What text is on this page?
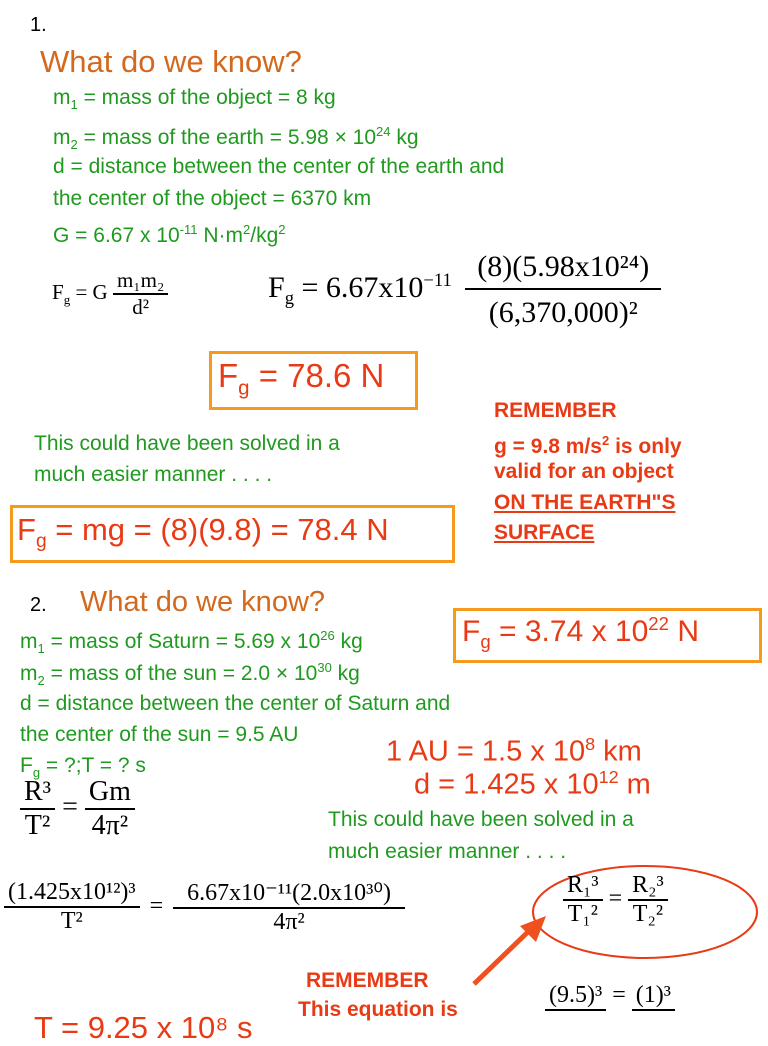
1.
What do we know?
$m_1$ = mass of the object = 8 kg
$m_2$ = mass of the earth = $5.98 \times 10^{24}$ kg
d = distance between the center of the earth and
the center of the object = 6370 km
G = 6.67 x $10^{-11}$ $N\cdot m^2/kg^2$
$F_g = G \frac{\text{m₁m₂}}{\text{d²}}$	$F_g = 6.67x10^{-11} \frac{\text{(8)(5.98x10²⁴)}}{\text{(6,370,000)²}}$
$F_g = 78.6$ N
This could have been solved in a
much easier manner . . . .
$F_g$ = mg = (8)(9.8) = 78.4 N
REMEMBER
g = 9.8 $m/s^2$ is only
valid for an object
ON THE EARTH"S
SURFACE
2. What do we know?
$m_1$ = mass of Saturn = 5.69 x $10^{26}$ kg
$m_2$ = mass of the sun = $2.0 \times 10^{30}$ kg
d = distance between the center of Saturn and
the center of the sun = 9.5 AU
$F_g$ = ?;T = ? s
$F_g = 3.74$ x $10^{22}$ N
1 AU = 1.5 x $10^8$ km
d = 1.425 x $10^{12}$ m
$\frac{\text{R³}}{\text{T²}} = \frac{Gm}{\text{4π²}}$	This could have been solved in a
much easier manner . . . .
$\frac{\text{(1.425x10¹²)³}}{\text{T²}} = \frac{\text{6.67x10⁻¹¹(2.0x10³⁰)}}{\text{4π²}}$	$\frac{\text{R₁³}}{\text{T₁²}} = \frac{\text{R₂³}}{\text{T₂²}}$
REMEMBER
This equation is
(9.5)³ = (1)³
T = 9.25 x 10⁸ s
